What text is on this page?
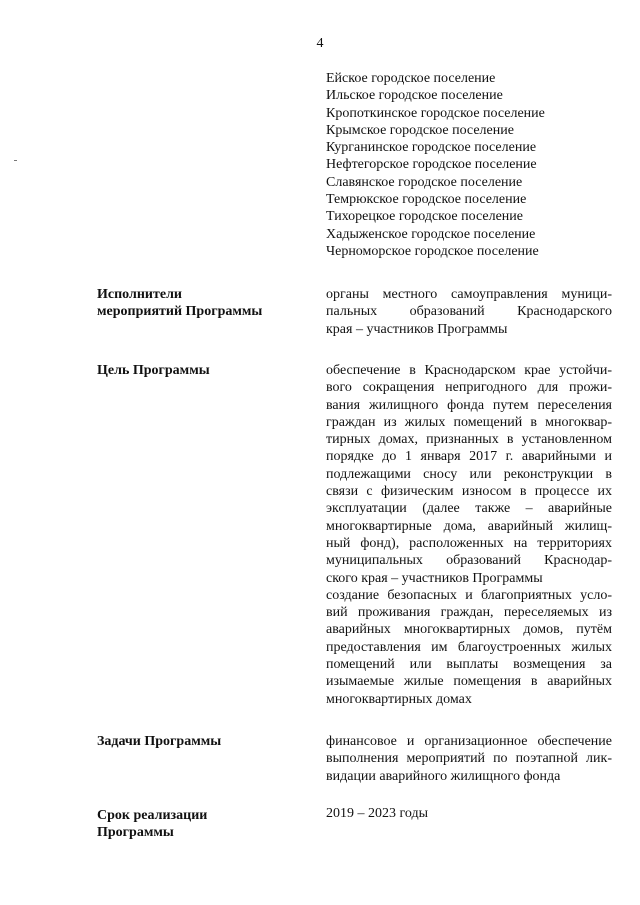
4
Ейское городское поселение
Ильское городское поселение
Кропоткинское городское поселение
Крымское городское поселение
Курганинское городское поселение
Нефтегорское городское поселение
Славянское городское поселение
Темрюкское городское поселение
Тихорецкое городское поселение
Хадыженское городское поселение
Черноморское городское поселение
Исполнители
мероприятий Программы
органы местного самоуправления муници-
пальных образований Краснодарского
края – участников Программы
Цель Программы	обеспечение в Краснодарском крае устойчи-
вого сокращения непригодного для прожи-
вания жилищного фонда путем переселения
граждан из жилых помещений в многоквар-
тирных домах, признанных в установленном
порядке до 1 января 2017 г. аварийными и
подлежащими сносу или реконструкции в
связи с физическим износом в процессе их
эксплуатации (далее также – аварийные
многоквартирные дома, аварийный жилищ-
ный фонд), расположенных на территориях
муниципальных образований Краснодар-
ского края – участников Программы
создание безопасных и благоприятных усло-
вий проживания граждан, переселяемых из
аварийных многоквартирных домов, путём
предоставления им благоустроенных жилых
помещений или выплаты возмещения за
изымаемые жилые помещения в аварийных
многоквартирных домах
Задачи Программы	финансовое и организационное обеспечение
выполнения мероприятий по поэтапной лик-
видации аварийного жилищного фонда
Срок реализации
Программы
2019 – 2023 годы
